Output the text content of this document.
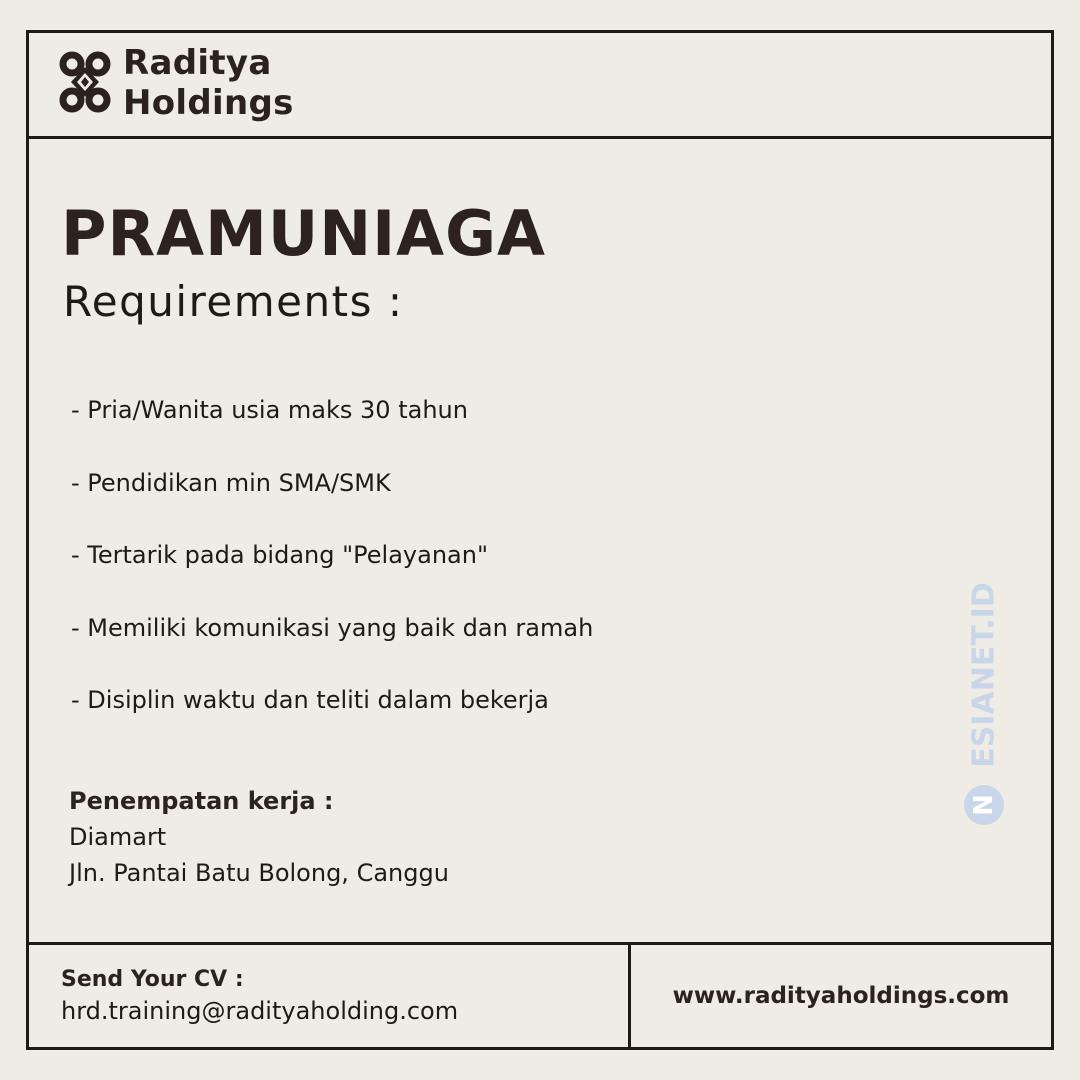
Raditya
Holdings
PRAMUNIAGA
Requirements :
- Pria/Wanita usia maks 30 tahun
- Pendidikan min SMA/SMK
- Tertarik pada bidang "Pelayanan"
- Memiliki komunikasi yang baik dan ramah
- Disiplin waktu dan teliti dalam bekerja
Penempatan kerja :
Diamart
Jln. Pantai Batu Bolong, Canggu
N
ESIANET.ID
Send Your CV :
hrd.training@radityaholding.com
www.radityaholdings.com
